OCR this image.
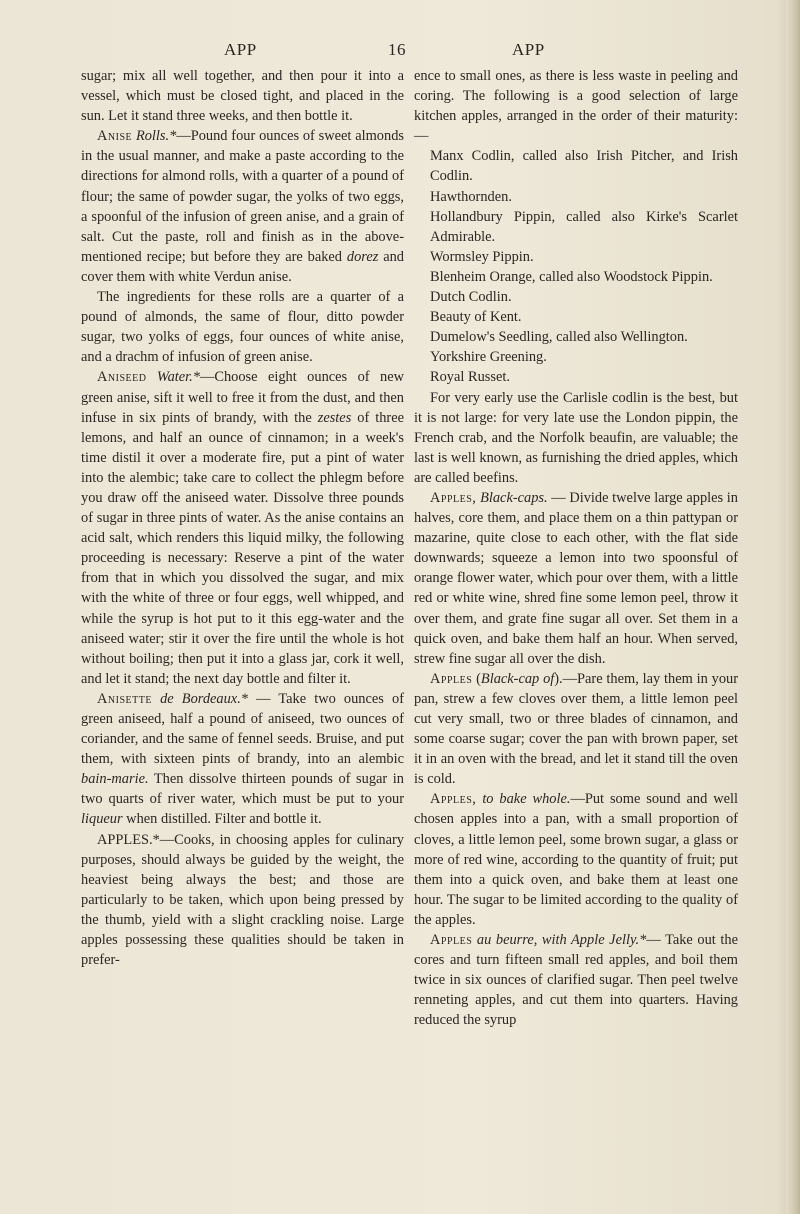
APP	16	APP

sugar; mix all well together, and then pour it into a vessel, which must be closed tight, and placed in the sun. Let it stand three weeks, and then bottle it.

Anise Rolls.*—Pound four ounces of sweet almonds in the usual manner, and make a paste according to the directions for almond rolls, with a quarter of a pound of flour; the same of powder sugar, the yolks of two eggs, a spoonful of the infusion of green anise, and a grain of salt. Cut the paste, roll and finish as in the above-mentioned recipe; but before they are baked dorez and cover them with white Verdun anise.

The ingredients for these rolls are a quarter of a pound of almonds, the same of flour, ditto powder sugar, two yolks of eggs, four ounces of white anise, and a drachm of infusion of green anise.

Aniseed Water.*—Choose eight ounces of new green anise, sift it well to free it from the dust, and then infuse in six pints of brandy, with the zestes of three lemons, and half an ounce of cinnamon; in a week's time distil it over a moderate fire, put a pint of water into the alembic; take care to collect the phlegm before you draw off the aniseed water. Dissolve three pounds of sugar in three pints of water. As the anise contains an acid salt, which renders this liquid milky, the following proceeding is necessary: Reserve a pint of the water from that in which you dissolved the sugar, and mix with the white of three or four eggs, well whipped, and while the syrup is hot put to it this egg-water and the aniseed water; stir it over the fire until the whole is hot without boiling; then put it into a glass jar, cork it well, and let it stand; the next day bottle and filter it.

Anisette de Bordeaux.* — Take two ounces of green aniseed, half a pound of aniseed, two ounces of coriander, and the same of fennel seeds. Bruise, and put them, with sixteen pints of brandy, into an alembic bain-marie. Then dissolve thirteen pounds of sugar in two quarts of river water, which must be put to your liqueur when distilled. Filter and bottle it.

APPLES.*—Cooks, in choosing apples for culinary purposes, should always be guided by the weight, the heaviest being always the best; and those are particularly to be taken, which upon being pressed by the thumb, yield with a slight crackling noise. Large apples possessing these qualities should be taken in prefer-

ence to small ones, as there is less waste in peeling and coring. The following is a good selection of large kitchen apples, arranged in the order of their maturity:—

Manx Codlin, called also Irish Pitcher, and Irish Codlin.

Hawthornden.

Hollandbury Pippin, called also Kirke's Scarlet Admirable.

Wormsley Pippin.

Blenheim Orange, called also Woodstock Pippin.

Dutch Codlin.

Beauty of Kent.

Dumelow's Seedling, called also Wellington.

Yorkshire Greening.

Royal Russet.

For very early use the Carlisle codlin is the best, but it is not large: for very late use the London pippin, the French crab, and the Norfolk beaufin, are valuable; the last is well known, as furnishing the dried apples, which are called beefins.

Apples, Black-caps. — Divide twelve large apples in halves, core them, and place them on a thin pattypan or mazarine, quite close to each other, with the flat side downwards; squeeze a lemon into two spoonsful of orange flower water, which pour over them, with a little red or white wine, shred fine some lemon peel, throw it over them, and grate fine sugar all over. Set them in a quick oven, and bake them half an hour. When served, strew fine sugar all over the dish.

Apples (Black-cap of).—Pare them, lay them in your pan, strew a few cloves over them, a little lemon peel cut very small, two or three blades of cinnamon, and some coarse sugar; cover the pan with brown paper, set it in an oven with the bread, and let it stand till the oven is cold.

Apples, to bake whole.—Put some sound and well chosen apples into a pan, with a small proportion of cloves, a little lemon peel, some brown sugar, a glass or more of red wine, according to the quantity of fruit; put them into a quick oven, and bake them at least one hour. The sugar to be limited according to the quality of the apples.

Apples au beurre, with Apple Jelly.*— Take out the cores and turn fifteen small red apples, and boil them twice in six ounces of clarified sugar. Then peel twelve renneting apples, and cut them into quarters. Having reduced the syrup
